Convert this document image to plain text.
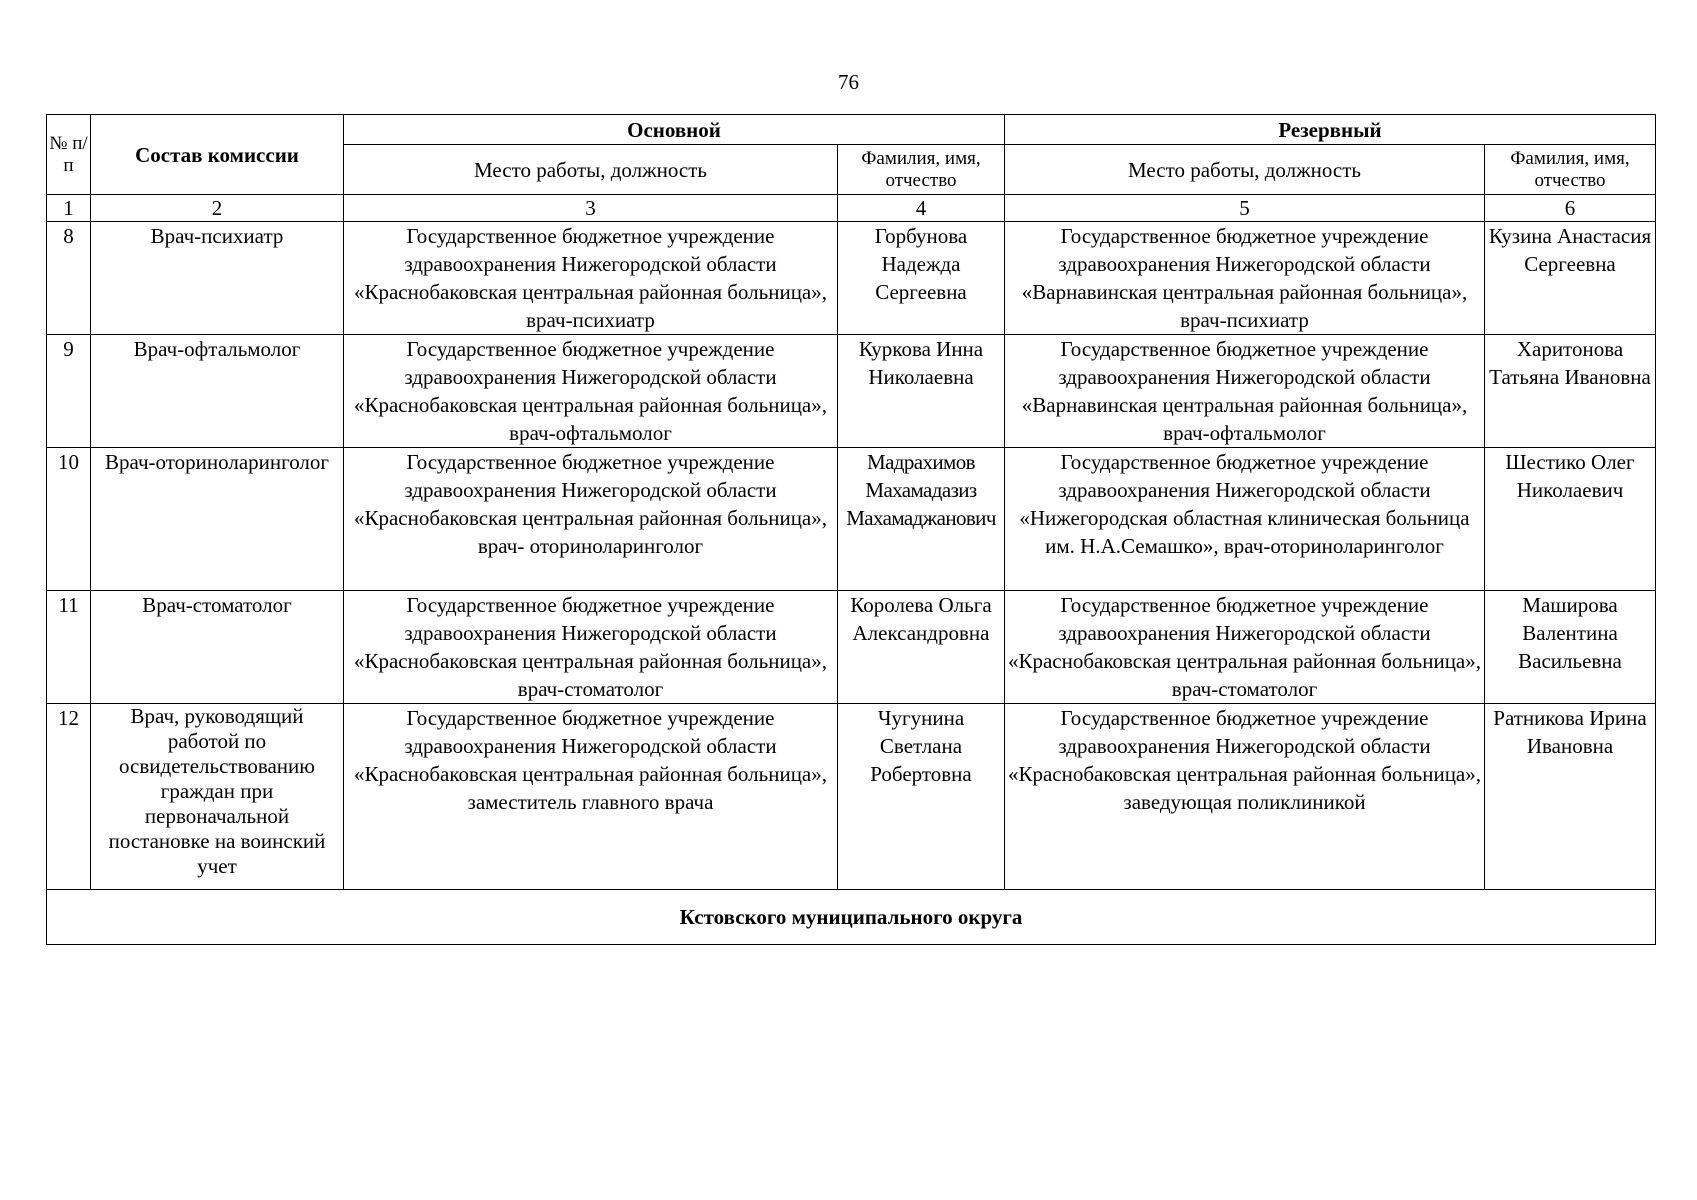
76
№ п/п	Состав комиссии	Основной		Резервный	
		Место работы, должность	Фамилия, имя, отчество	Место работы, должность	Фамилия, имя, отчество
1	2	3	4	5	6
8	Врач-психиатр	Государственное бюджетное учреждение здравоохранения Нижегородской области «Краснобаковская центральная районная больница», врач-психиатр	Горбунова Надежда Сергеевна	Государственное бюджетное учреждение здравоохранения Нижегородской области «Варнавинская центральная районная больница», врач-психиатр	Кузина Анастасия Сергеевна
9	Врач-офтальмолог	Государственное бюджетное учреждение здравоохранения Нижегородской области «Краснобаковская центральная районная больница», врач-офтальмолог	Куркова Инна Николаевна	Государственное бюджетное учреждение здравоохранения Нижегородской области «Варнавинская центральная районная больница», врач-офтальмолог	Харитонова Татьяна Ивановна
10	Врач-оториноларинголог	Государственное бюджетное учреждение здравоохранения Нижегородской области «Краснобаковская центральная районная больница», врач- оториноларинголог	Мадрахимов Махамадазиз Махамаджанович	Государственное бюджетное учреждение здравоохранения Нижегородской области «Нижегородская областная клиническая больница им. Н.А.Семашко», врач-оториноларинголог	Шестико Олег Николаевич
11	Врач-стоматолог	Государственное бюджетное учреждение здравоохранения Нижегородской области «Краснобаковская центральная районная больница», врач-стоматолог	Королева Ольга Александровна	Государственное бюджетное учреждение здравоохранения Нижегородской области «Краснобаковская центральная районная больница», врач-стоматолог	Маширова Валентина Васильевна
12	Врач, руководящий работой по освидетельствованию граждан при первоначальной постановке на воинский учет	Государственное бюджетное учреждение здравоохранения Нижегородской области «Краснобаковская центральная районная больница», заместитель главного врача	Чугунина Светлана Робертовна	Государственное бюджетное учреждение здравоохранения Нижегородской области «Краснобаковская центральная районная больница», заведующая поликлиникой	Ратникова Ирина Ивановна
Кстовского муниципального округа					
